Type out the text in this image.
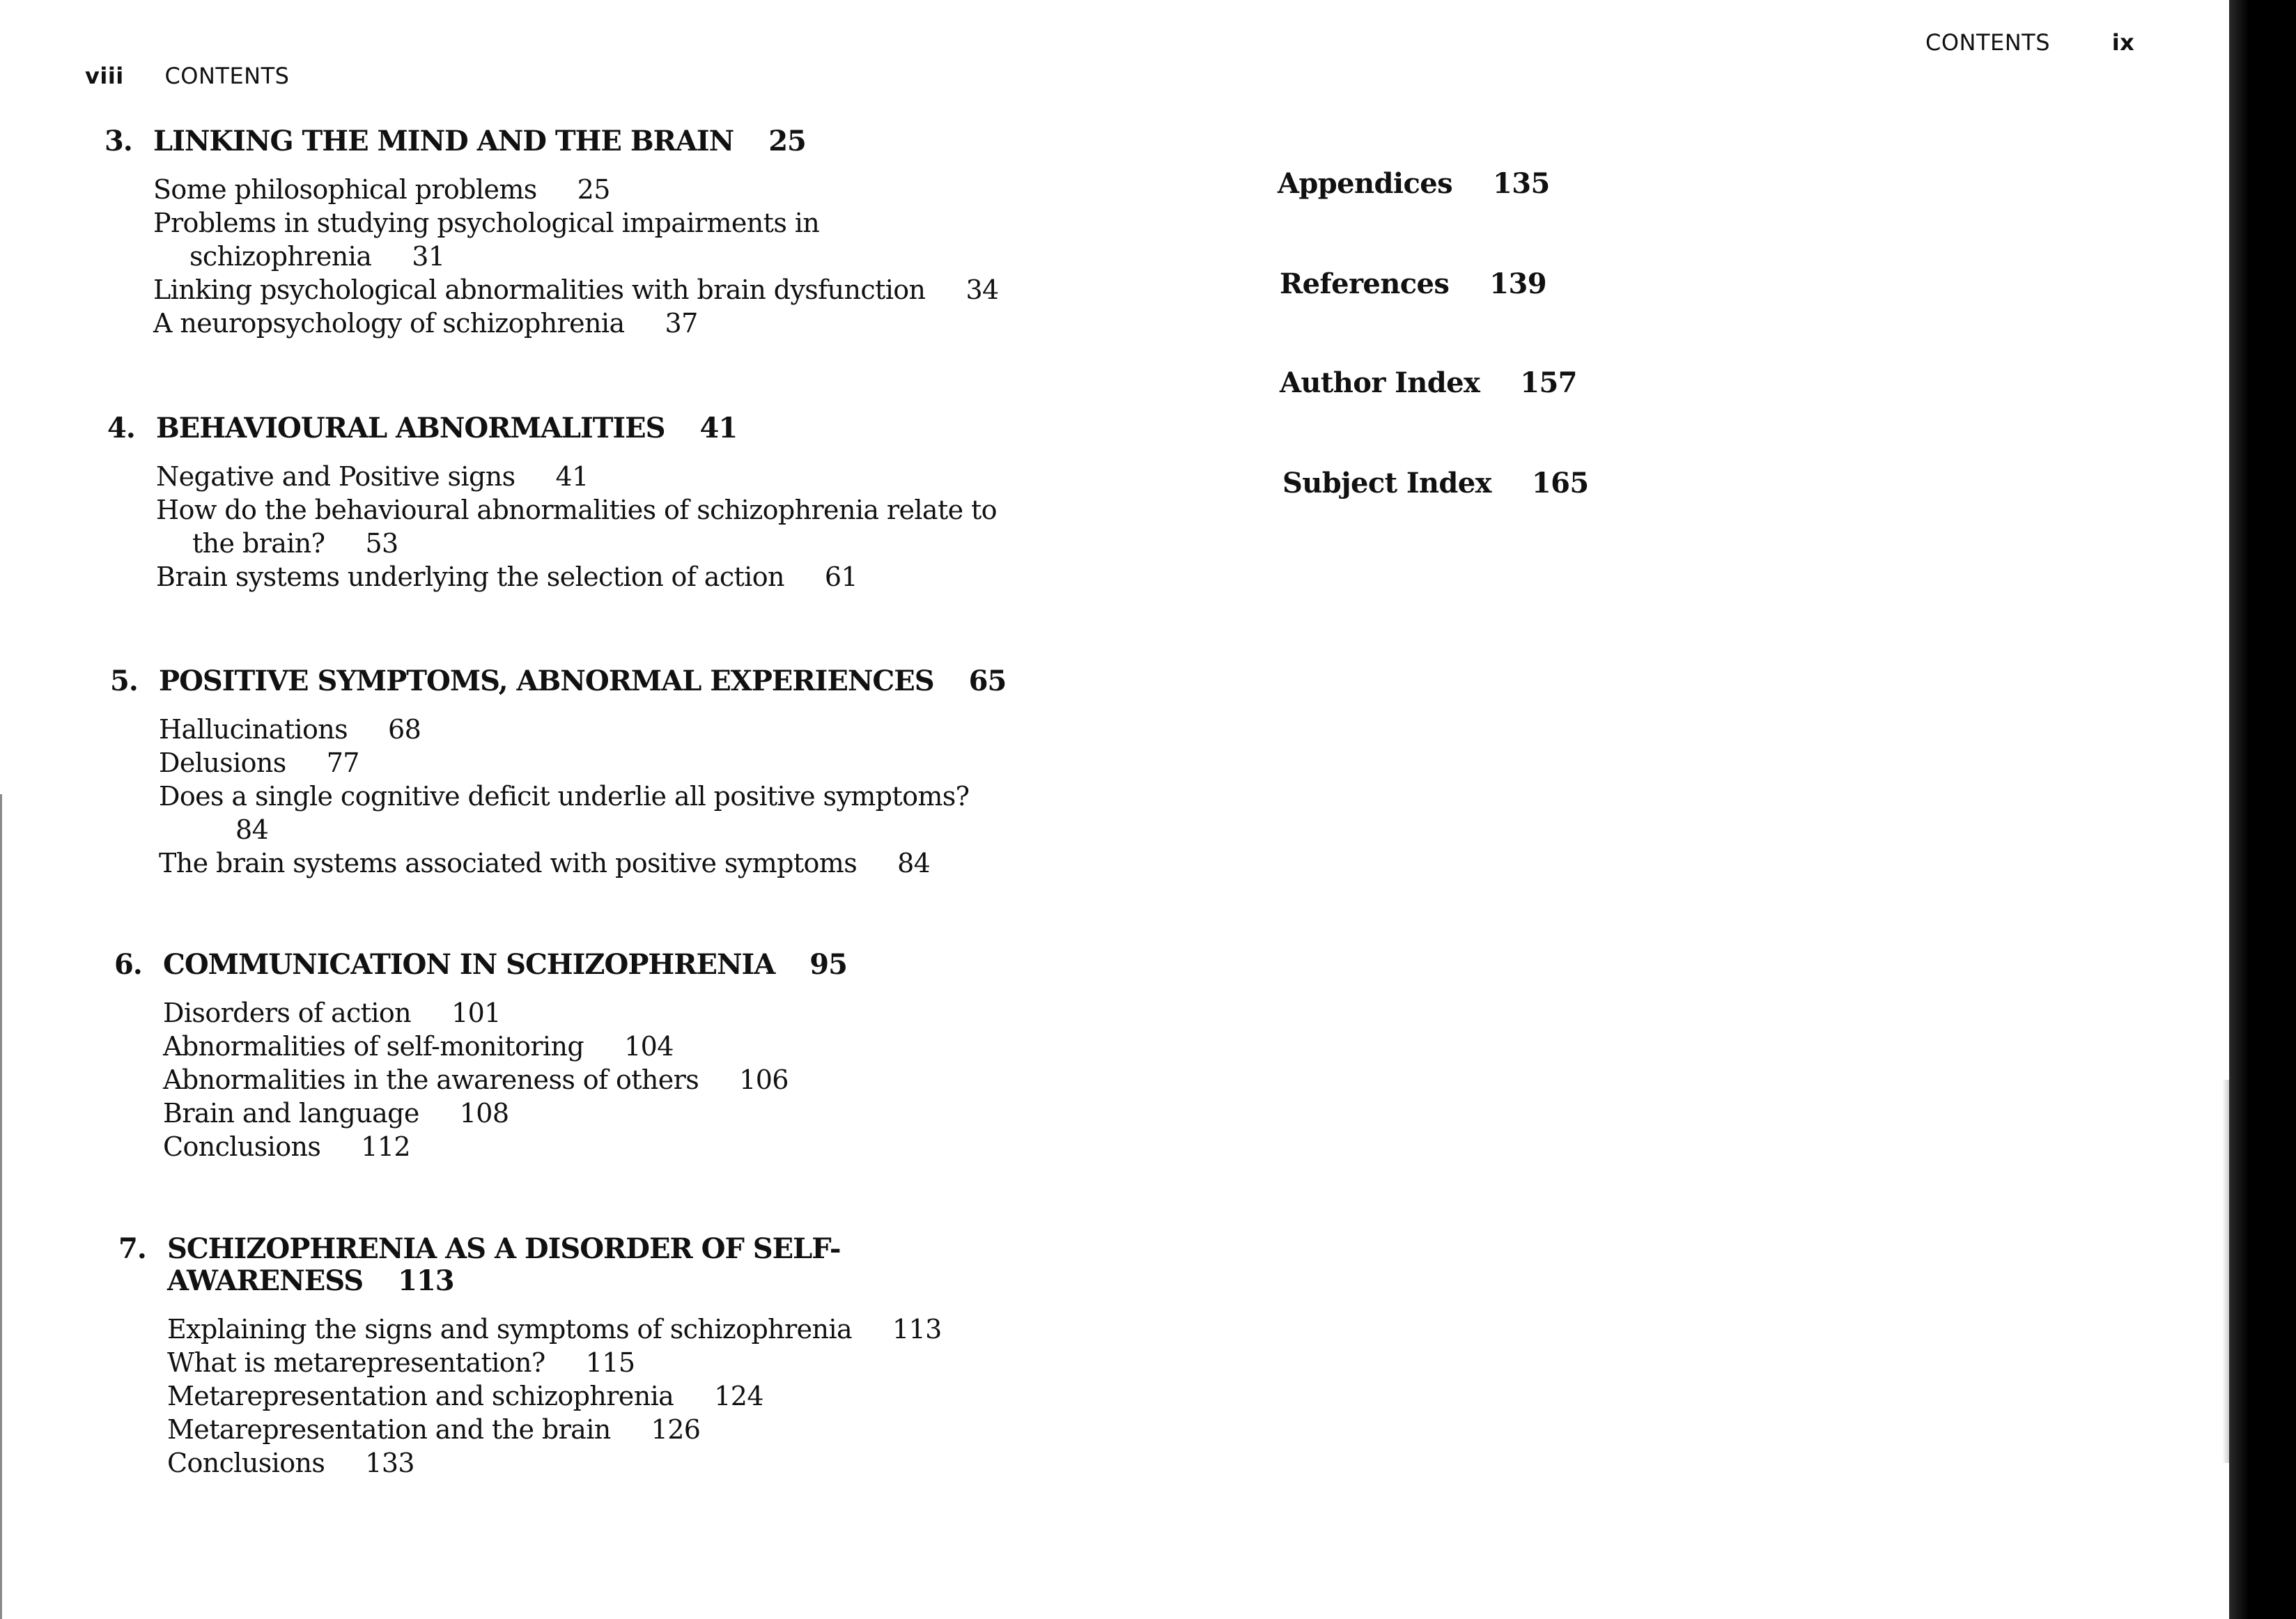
viii CONTENTS
3. LINKING THE MIND AND THE BRAIN 25
Some philosophical problems 25
Problems in studying psychological impairments in schizophrenia 31
Linking psychological abnormalities with brain dysfunction 34
A neuropsychology of schizophrenia 37
4. BEHAVIOURAL ABNORMALITIES 41
Negative and Positive signs 41
How do the behavioural abnormalities of schizophrenia relate to the brain? 53
Brain systems underlying the selection of action 61
5. POSITIVE SYMPTOMS, ABNORMAL EXPERIENCES 65
Hallucinations 68
Delusions 77
Does a single cognitive deficit underlie all positive symptoms?84
The brain systems associated with positive symptoms 84
6. COMMUNICATION IN SCHIZOPHRENIA 95
Disorders of action 101
Abnormalities of self-monitoring 104
Abnormalities in the awareness of others 106
Brain and language 108
Conclusions 112
7. SCHIZOPHRENIA AS A DISORDER OF SELF-AWARENESS 113
Explaining the signs and symptoms of schizophrenia 113
What is metarepresentation? 115
Metarepresentation and schizophrenia 124
Metarepresentation and the brain 126
Conclusions 133
CONTENTS	ix
Appendices 135
References 139
Author Index 157
Subject Index 165
